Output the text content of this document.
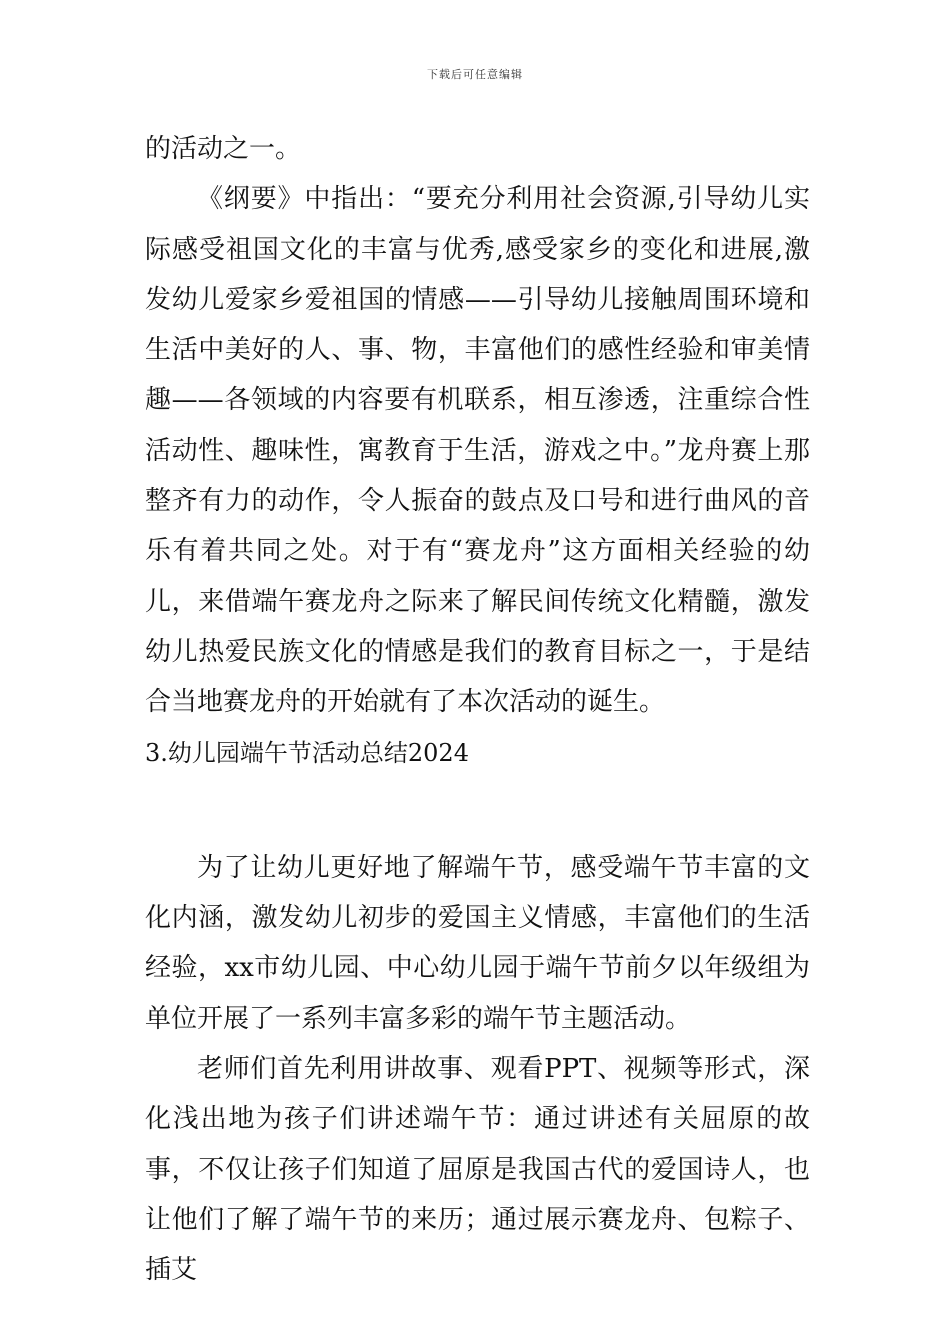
下载后可任意编辑

的活动之一。

《纲要》中指出：“要充分利用社会资源,引导幼儿实际感受祖国文化的丰富与优秀,感受家乡的变化和进展,激发幼儿爱家乡爱祖国的情感——引导幼儿接触周围环境和生活中美好的人、事、物，丰富他们的感性经验和审美情趣——各领域的内容要有机联系，相互渗透，注重综合性活动性、趣味性，寓教育于生活，游戏之中。”龙舟赛上那整齐有力的动作，令人振奋的鼓点及口号和进行曲风的音乐有着共同之处。对于有“赛龙舟”这方面相关经验的幼儿，来借端午赛龙舟之际来了解民间传统文化精髓，激发幼儿热爱民族文化的情感是我们的教育目标之一，于是结合当地赛龙舟的开始就有了本次活动的诞生。

3.幼儿园端午节活动总结2024

为了让幼儿更好地了解端午节，感受端午节丰富的文化内涵，激发幼儿初步的爱国主义情感，丰富他们的生活经验，xx市幼儿园、中心幼儿园于端午节前夕以年级组为单位开展了一系列丰富多彩的端午节主题活动。

老师们首先利用讲故事、观看PPT、视频等形式，深化浅出地为孩子们讲述端午节：通过讲述有关屈原的故事，不仅让孩子们知道了屈原是我国古代的爱国诗人，也让他们了解了端午节的来历；通过展示赛龙舟、包粽子、插艾
